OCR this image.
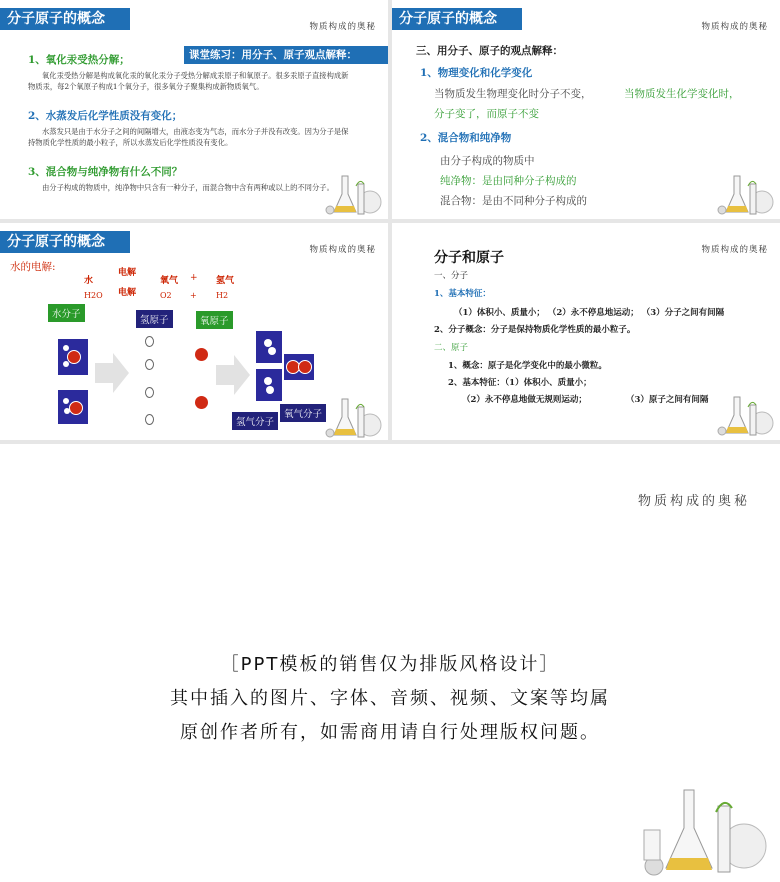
分子原子的概念	物质构成的奥秘
课堂练习：用分子、原子观点解释：
1、氧化汞受热分解；
氧化汞受热分解是构成氧化汞的氧化汞分子受热分解成汞原子和氧原子。很多汞原子直接构成新物质汞，每2个氧原子构成1个氧分子，很多氧分子聚集构成新物质氧气。
2、水蒸发后化学性质没有变化；
水蒸发只是由于水分子之间的间隔增大，由液态变为气态，而水分子并没有改变。因为分子是保持物质化学性质的最小粒子，所以水蒸发后化学性质没有变化。
3、混合物与纯净物有什么不同？
由分子构成的物质中，纯净物中只含有一种分子，而混合物中含有两种或以上的不同分子。
分子原子的概念	物质构成的奥秘
三、用分子、原子的观点解释：
1、物理变化和化学变化
当物质发生物理变化时分子不变，	当物质发生化学变化时，
分子变了，而原子不变
2、混合物和纯净物
由分子构成的物质中
纯净物：是由同种分子构成的
混合物：是由不同种分子构成的
分子原子的概念	物质构成的奥秘
水的电解:
水
H2O
电解
电解
氧气 + 氢气
O2 + H2
水分子
氢原子	氧原子
氢气分子
氧气分子
物质构成的奥秘
分子和原子
一、分子
1、基本特征：
（1）体积小、质量小； （2）永不停息地运动； （3）分子之间有间隔
2、分子概念：分子是保持物质化学性质的最小粒子。
二、原子
1、概念：原子是化学变化中的最小微粒。
2、基本特征：（1）体积小、质量小；
（2）永不停息地做无规则运动；	（3）原子之间有间隔
物质构成的奥秘
［PPT模板的销售仅为排版风格设计］
其中插入的图片、字体、音频、视频、文案等均属
原创作者所有，如需商用请自行处理版权问题。
